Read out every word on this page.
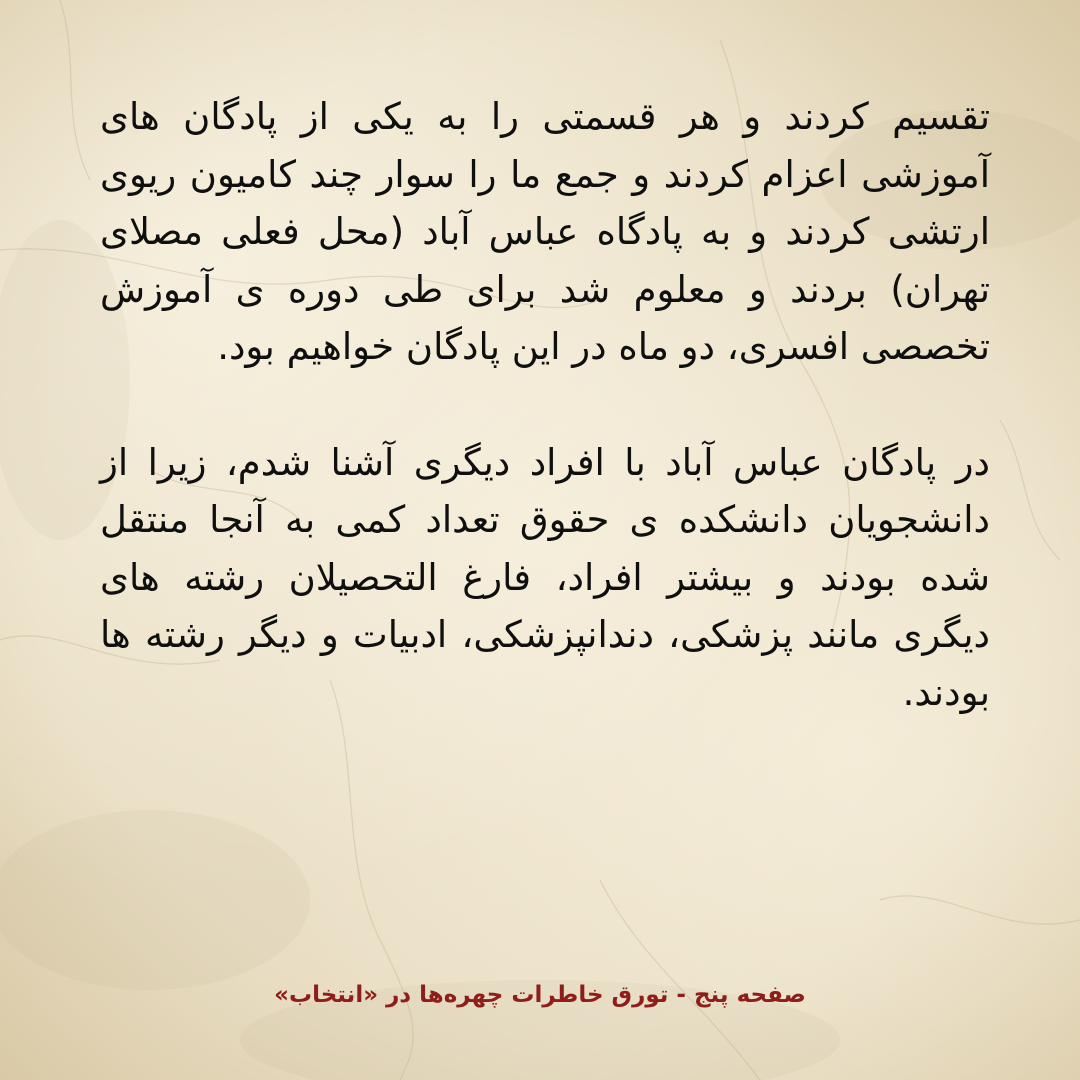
تقسیم کردند و هر قسمتی را به یکی از پادگان های آموزشی اعزام کردند و جمع ما را سوار چند کامیون ریوی ارتشی کردند و به پادگاه عباس آباد (محل فعلی مصلای تهران) بردند و معلوم شد برای طی دوره ی آموزش تخصصی افسری، دو ماه در این پادگان خواهیم بود.

در پادگان عباس آباد با افراد دیگری آشنا شدم، زیرا از دانشجویان دانشکده ی حقوق تعداد کمی به آنجا منتقل شده بودند و بیشتر افراد، فارغ التحصیلان رشته های دیگری مانند پزشکی، دندانپزشکی، ادبیات و دیگر رشته ها بودند.

صفحه پنج - تورق خاطرات چهره‌ها در «انتخاب»
